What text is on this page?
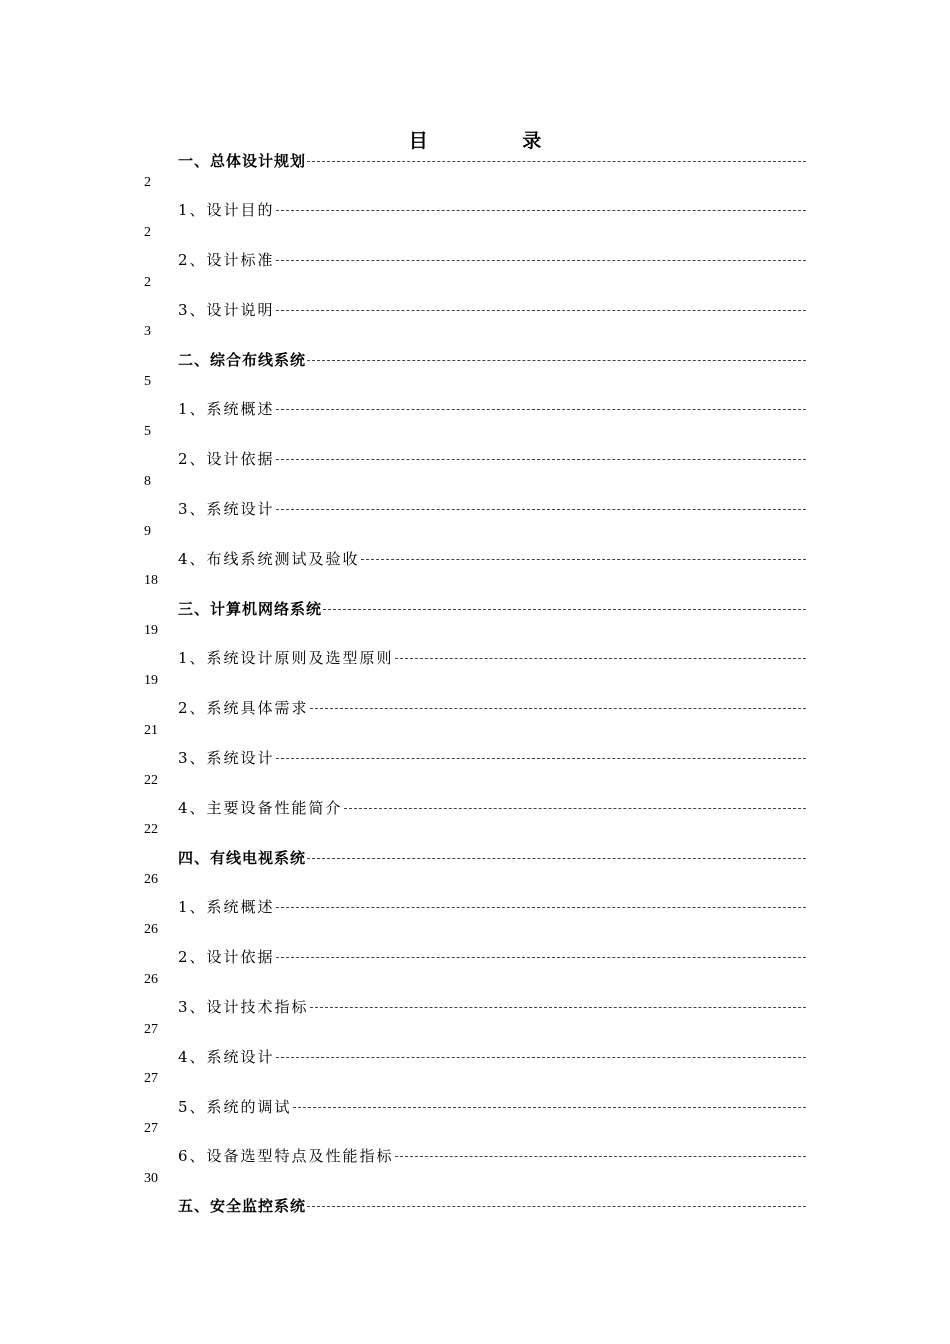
目 录
一、总体设计规划
2
1、设计目的
2
2、设计标准
2
3、设计说明
3
二、综合布线系统
5
1、系统概述
5
2、设计依据
8
3、系统设计
9
4、布线系统测试及验收
18
三、计算机网络系统
19
1、系统设计原则及选型原则
19
2、系统具体需求
21
3、系统设计
22
4、主要设备性能简介
22
四、有线电视系统
26
1、系统概述
26
2、设计依据
26
3、设计技术指标
27
4、系统设计
27
5、系统的调试
27
6、设备选型特点及性能指标
30
五、安全监控系统
